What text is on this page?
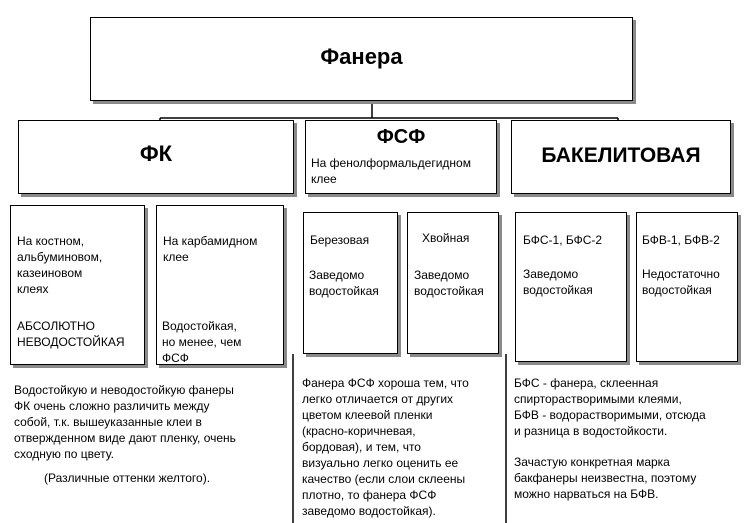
Фанера
ФК
ФСФ
На фенолформальдегидном
клее
БАКЕЛИТОВАЯ
На костном,
альбуминовом,
казеиновом
клеях
АБСОЛЮТНО
НЕВОДОСТОЙКАЯ
На карбамидном
клее
Водостойкая,
но менее, чем
ФСФ
Березовая
Заведомо
водостойкая
Хвойная
Заведомо
водостойкая
БФС-1, БФС-2
Заведомо
водостойкая
БФВ-1, БФВ-2
Недостаточно
водостойкая
Водостойкую и неводостойкую фанеры
ФК очень сложно различить между
собой, т.к. вышеуказанные клеи в
отвержденном виде дают пленку, очень
сходную по цвету.
(Различные оттенки желтого).
Фанера ФСФ хороша тем, что
легко отличается от других
цветом клеевой пленки
(красно-коричневая,
бордовая), и тем, что
визуально легко оценить ее
качество (если слои склеены
плотно, то фанера ФСФ
заведомо водостойкая).
БФС - фанера, склеенная
спирторастворимыми клеями,
БФВ - водорастворимыми, отсюда
и разница в водостойкости.
Зачастую конкретная марка
бакфанеры неизвестна, поэтому
можно нарваться на БФВ.
